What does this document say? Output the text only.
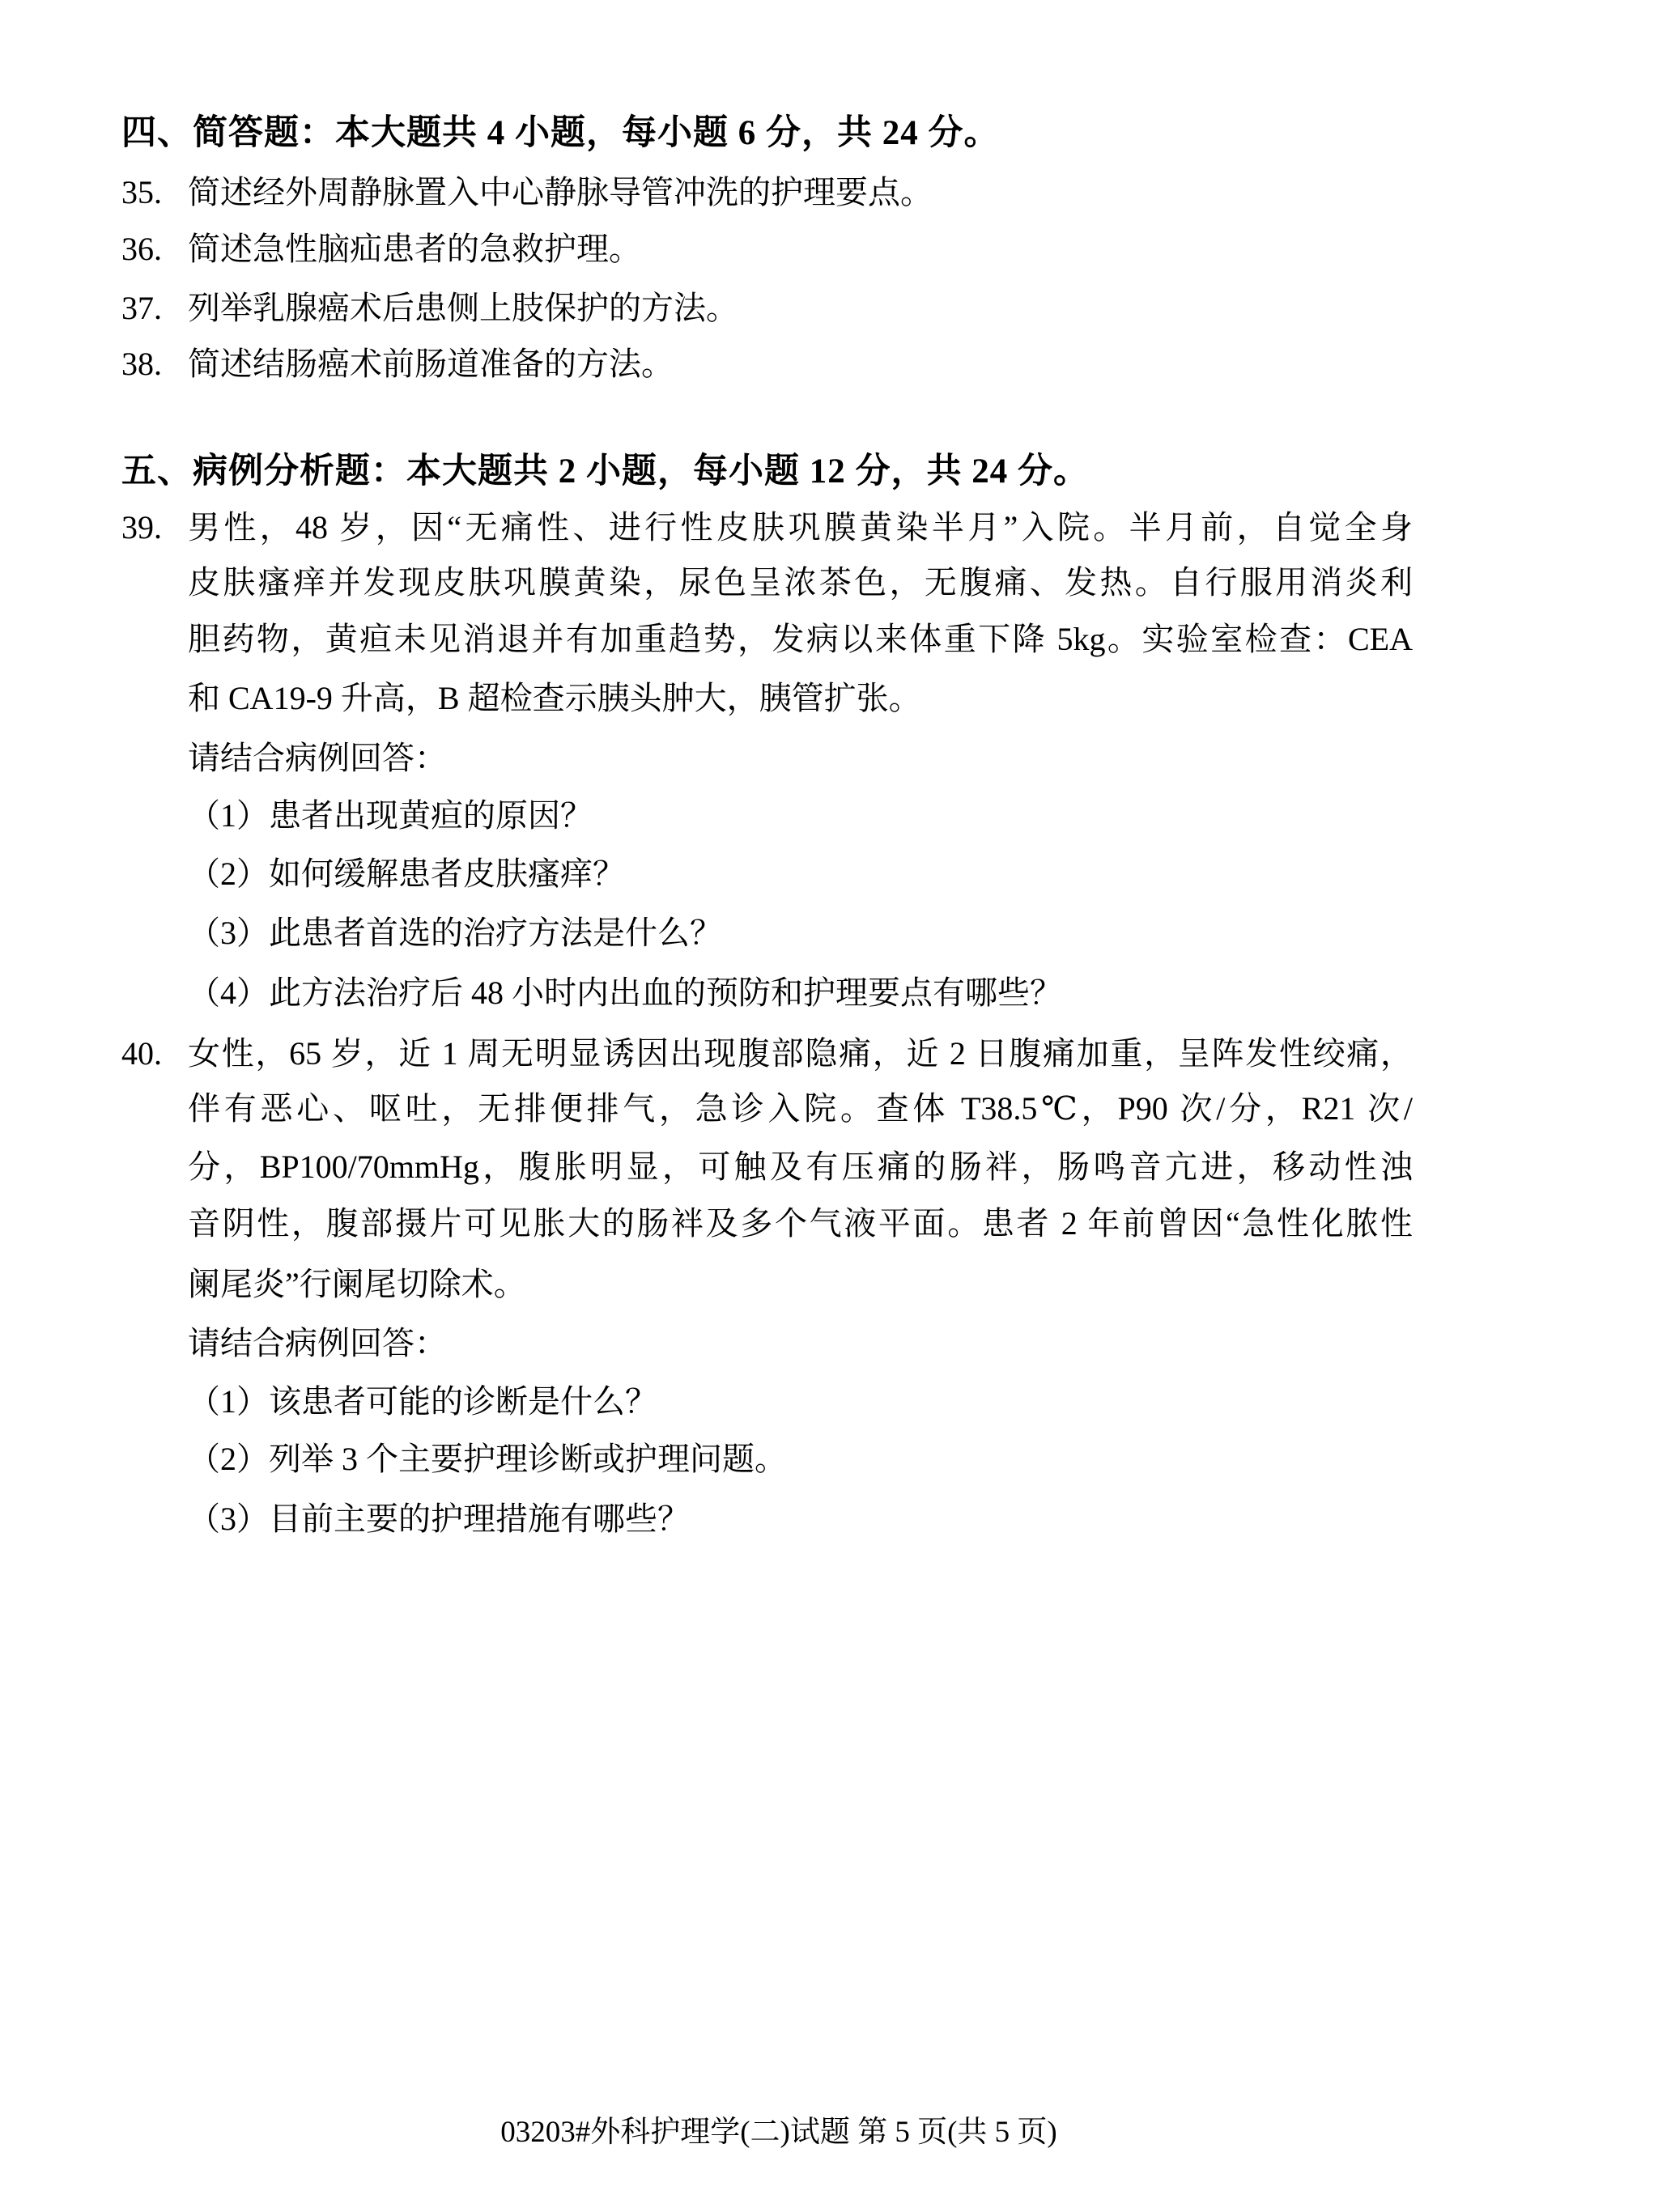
四、简答题：本大题共 4 小题，每小题 6 分，共 24 分。
35. 简述经外周静脉置入中心静脉导管冲洗的护理要点。
36. 简述急性脑疝患者的急救护理。
37. 列举乳腺癌术后患侧上肢保护的方法。
38. 简述结肠癌术前肠道准备的方法。
五、病例分析题：本大题共 2 小题，每小题 12 分，共 24 分。
39. 男性，48 岁，因“无痛性、进行性皮肤巩膜黄染半月”入院。半月前，自觉全身
皮肤瘙痒并发现皮肤巩膜黄染，尿色呈浓茶色，无腹痛、发热。自行服用消炎利
胆药物，黄疸未见消退并有加重趋势，发病以来体重下降 5kg。实验室检查：CEA
和 CA19-9 升高，B 超检查示胰头肿大，胰管扩张。
请结合病例回答：
（1）患者出现黄疸的原因？
（2）如何缓解患者皮肤瘙痒？
（3）此患者首选的治疗方法是什么？
（4）此方法治疗后 48 小时内出血的预防和护理要点有哪些？
40. 女性，65 岁，近 1 周无明显诱因出现腹部隐痛，近 2 日腹痛加重，呈阵发性绞痛，
伴有恶心、呕吐，无排便排气，急诊入院。查体 T38.5℃，P90 次/分，R21 次/
分，BP100/70mmHg，腹胀明显，可触及有压痛的肠袢，肠鸣音亢进，移动性浊
音阴性，腹部摄片可见胀大的肠袢及多个气液平面。患者 2 年前曾因“急性化脓性
阑尾炎”行阑尾切除术。
请结合病例回答：
（1）该患者可能的诊断是什么？
（2）列举 3 个主要护理诊断或护理问题。
（3）目前主要的护理措施有哪些？
03203#外科护理学(二)试题 第 5 页(共 5 页)
